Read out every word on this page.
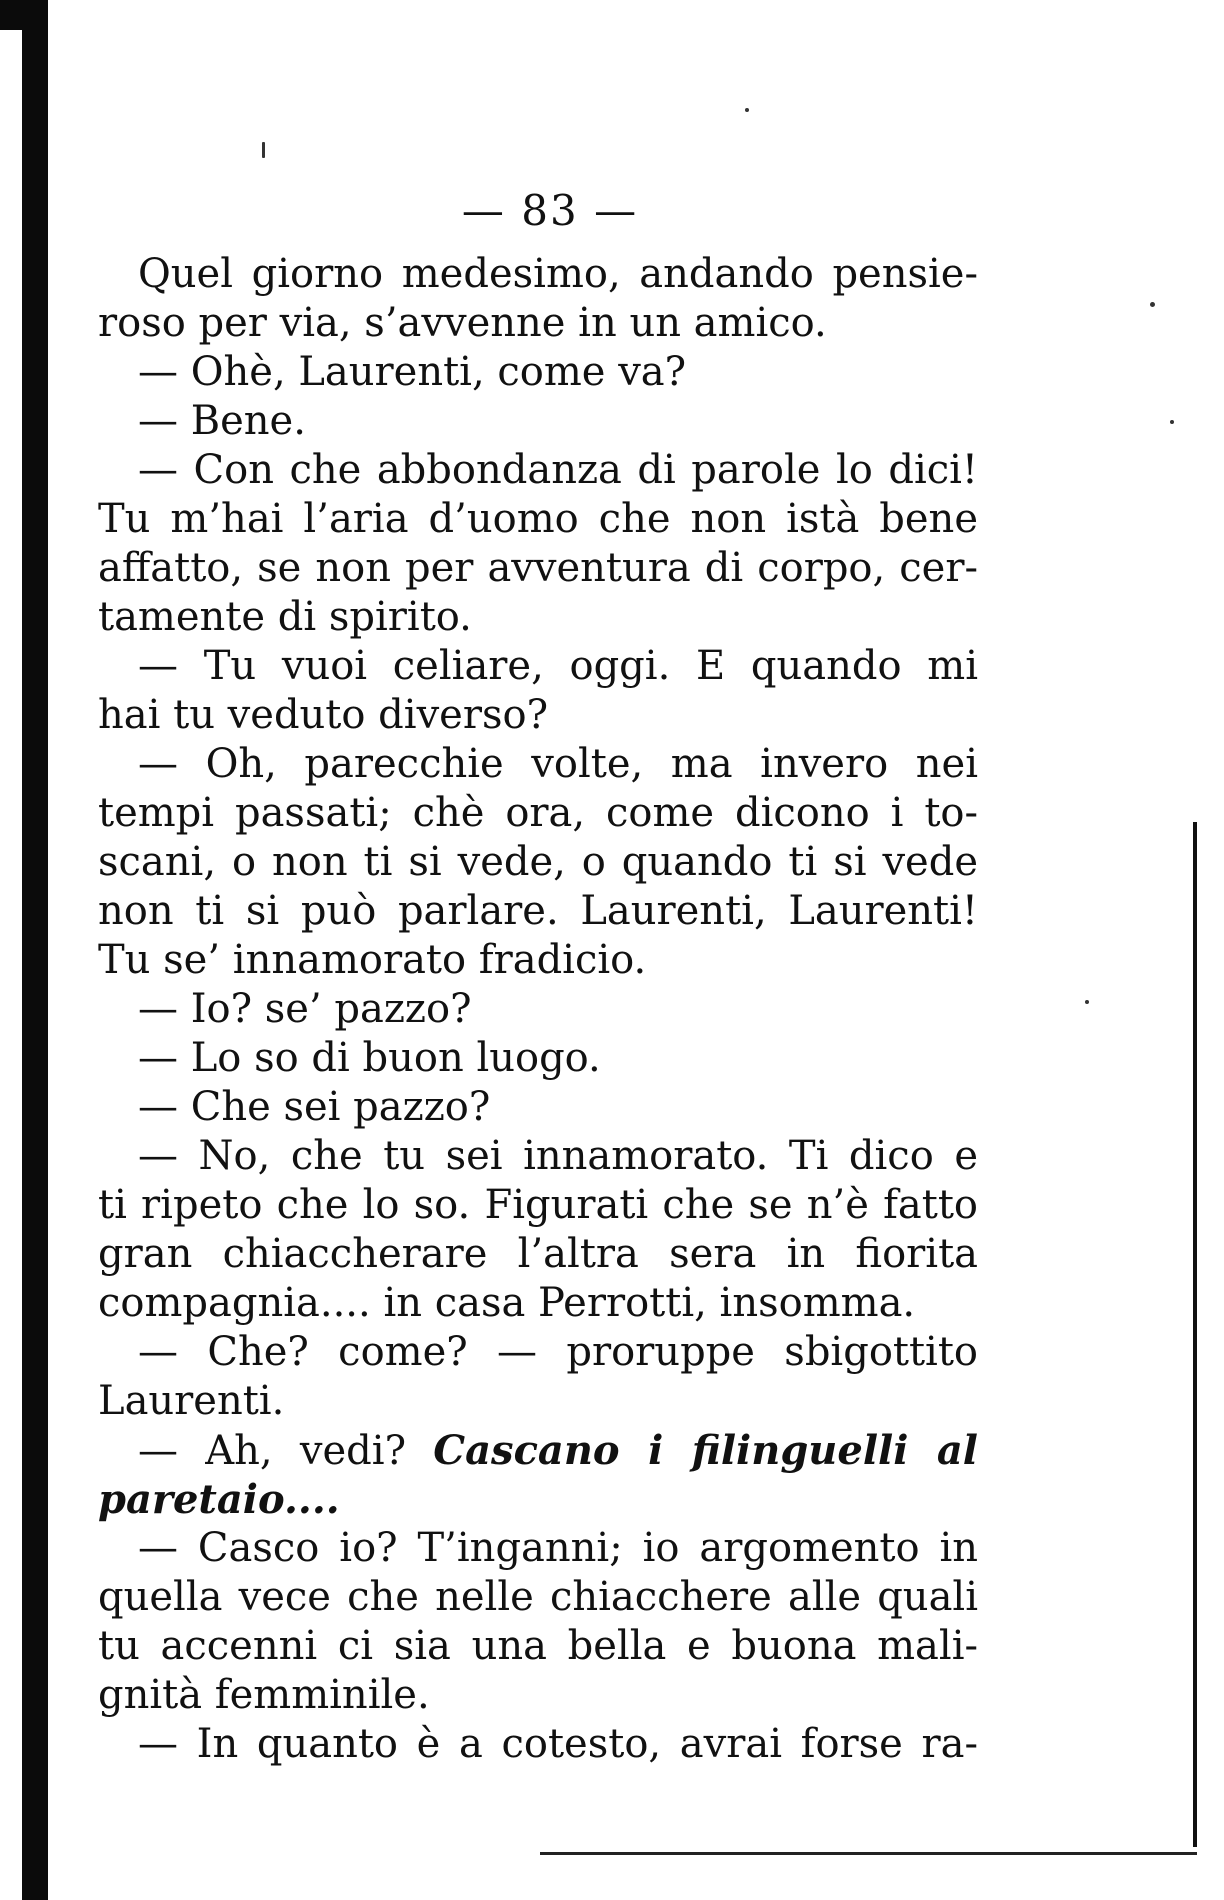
— 83 —
Quel giorno medesimo, andando pensie-
roso per via, s’avvenne in un amico.
— Ohè, Laurenti, come va?
— Bene.
— Con che abbondanza di parole lo dici!
Tu m’hai l’aria d’uomo che non istà bene
affatto, se non per avventura di corpo, cer-
tamente di spirito.
— Tu vuoi celiare, oggi. E quando mi
hai tu veduto diverso?
— Oh, parecchie volte, ma invero nei
tempi passati; chè ora, come dicono i to-
scani, o non ti si vede, o quando ti si vede
non ti si può parlare. Laurenti, Laurenti!
Tu se’ innamorato fradicio.
— Io? se’ pazzo?
— Lo so di buon luogo.
— Che sei pazzo?
— No, che tu sei innamorato. Ti dico e
ti ripeto che lo so. Figurati che se n’è fatto
gran chiaccherare l’altra sera in fiorita
compagnia.... in casa Perrotti, insomma.
— Che? come? — proruppe sbigottito
Laurenti.
— Ah, vedi? Cascano i filinguelli al
paretaio....
— Casco io? T’inganni; io argomento in
quella vece che nelle chiacchere alle quali
tu accenni ci sia una bella e buona mali-
gnità femminile.
— In quanto è a cotesto, avrai forse ra-
